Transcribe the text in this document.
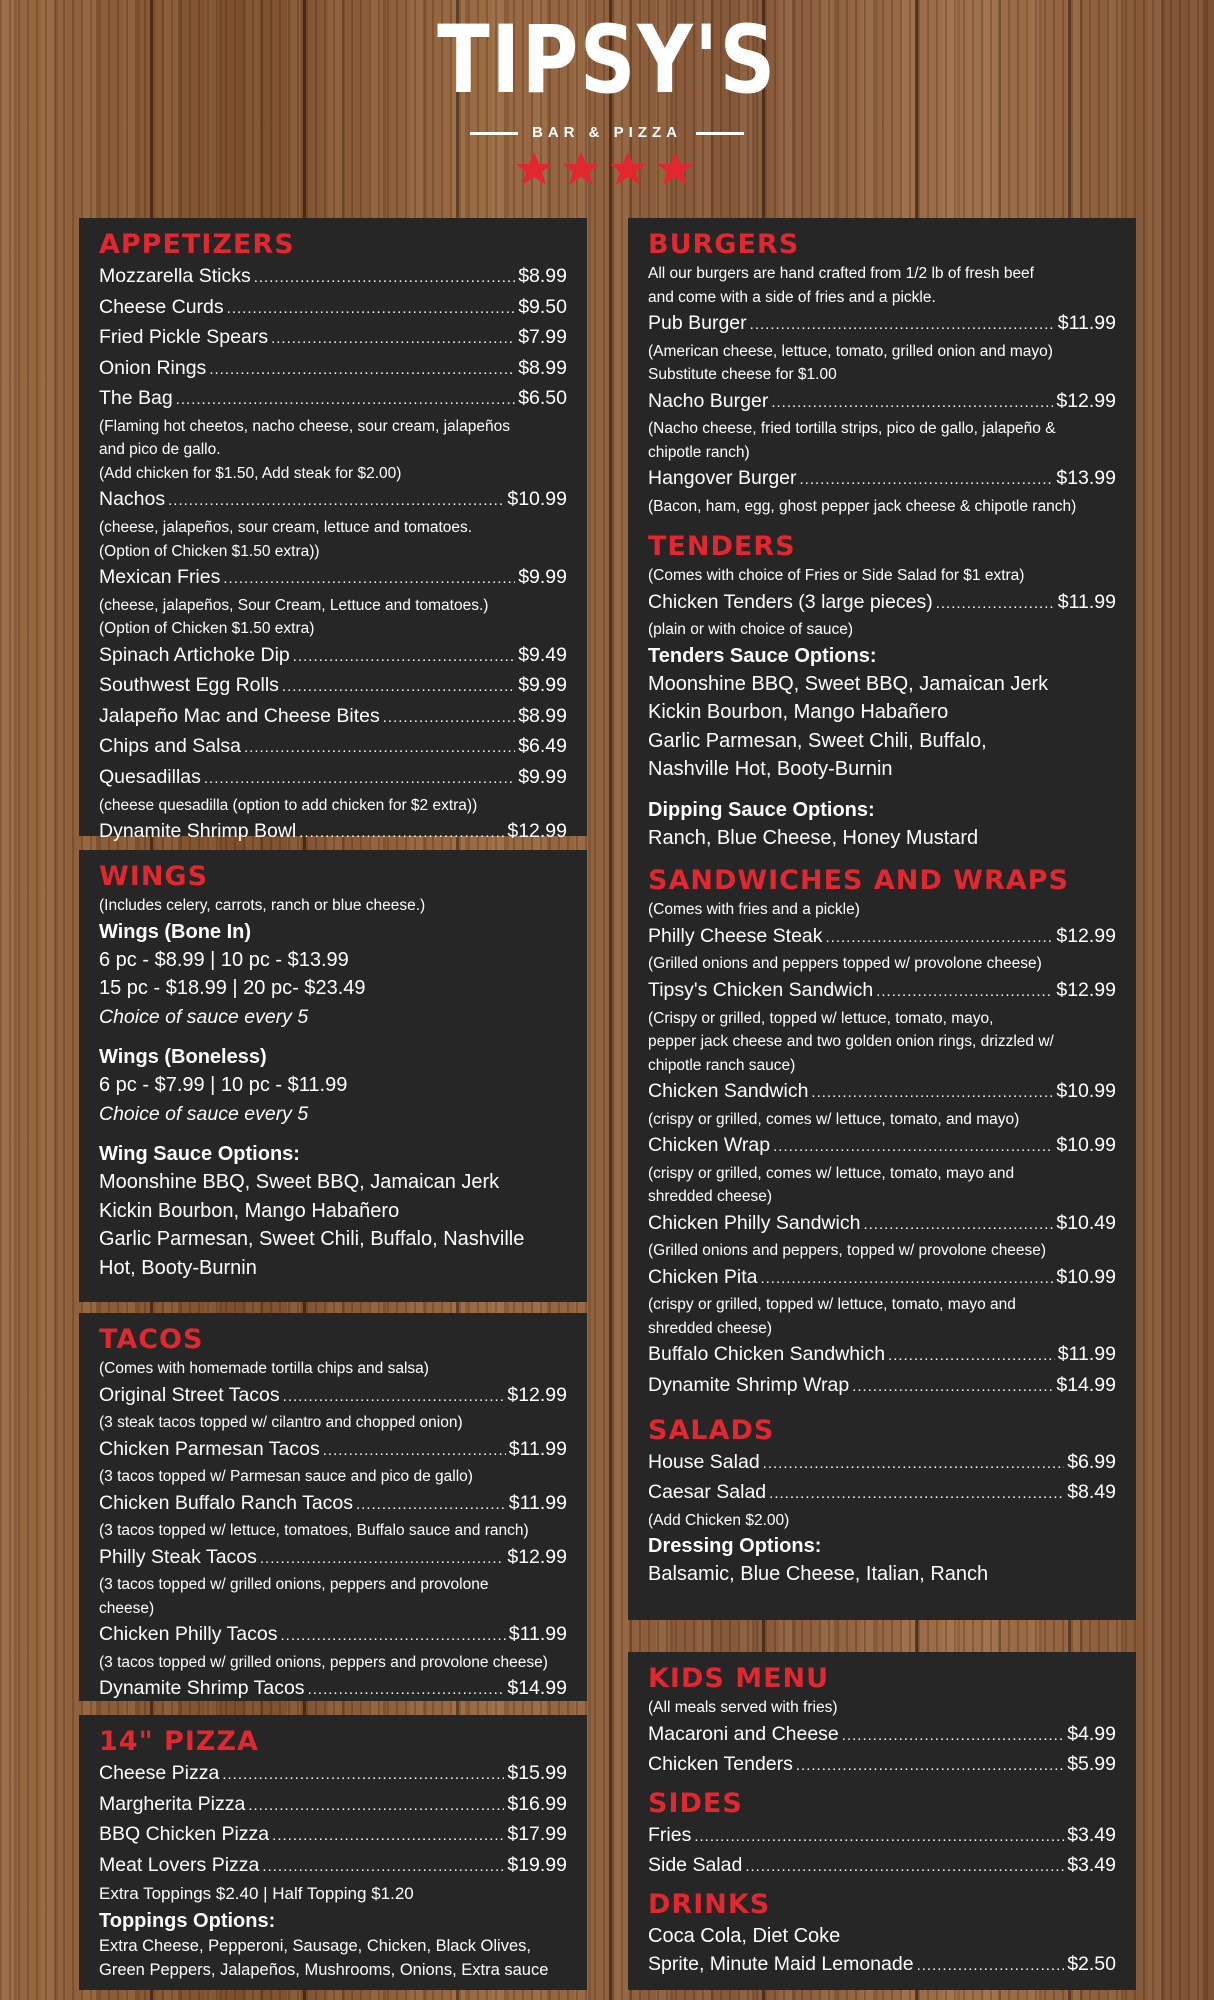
TIPSY'S
BAR & PIZZA
APPETIZERS
Mozzarella Sticks .....	$8.99
Cheese Curds .....	$9.50
Fried Pickle Spears .....	$7.99
Onion Rings .....	$8.99
The Bag .....	$6.50
(Flaming hot cheetos, nacho cheese, sour cream, jalapeños
and pico de gallo.
(Add chicken for $1.50, Add steak for $2.00)
Nachos .....	$10.99
(cheese, jalapeños, sour cream, lettuce and tomatoes.
(Option of Chicken $1.50 extra))
Mexican Fries .....	$9.99
(cheese, jalapeños, Sour Cream, Lettuce and tomatoes.)
(Option of Chicken $1.50 extra)
Spinach Artichoke Dip .....	$9.49
Southwest Egg Rolls .....	$9.99
Jalapeño Mac and Cheese Bites .....	$8.99
Chips and Salsa .....	$6.49
Quesadillas .....	$9.99
(cheese quesadilla (option to add chicken for $2 extra))
Dynamite Shrimp Bowl .....	$12.99
WINGS
(Includes celery, carrots, ranch or blue cheese.)
Wings (Bone In)
6 pc - $8.99 | 10 pc - $13.99
15 pc - $18.99 | 20 pc- $23.49
Choice of sauce every 5
Wings (Boneless)
6 pc - $7.99 | 10 pc - $11.99
Choice of sauce every 5
Wing Sauce Options:
Moonshine BBQ, Sweet BBQ, Jamaican Jerk
Kickin Bourbon, Mango Habañero
Garlic Parmesan, Sweet Chili, Buffalo, Nashville
Hot, Booty-Burnin
TACOS
(Comes with homemade tortilla chips and salsa)
Original Street Tacos .....	$12.99
(3 steak tacos topped w/ cilantro and chopped onion)
Chicken Parmesan Tacos .....	$11.99
(3 tacos topped w/ Parmesan sauce and pico de gallo)
Chicken Buffalo Ranch Tacos .....	$11.99
(3 tacos topped w/ lettuce, tomatoes, Buffalo sauce and ranch)
Philly Steak Tacos .....	$12.99
(3 tacos topped w/ grilled onions, peppers and provolone
cheese)
Chicken Philly Tacos .....	$11.99
(3 tacos topped w/ grilled onions, peppers and provolone cheese)
Dynamite Shrimp Tacos .....	$14.99
14" PIZZA
Cheese Pizza .....	$15.99
Margherita Pizza .....	$16.99
BBQ Chicken Pizza .....	$17.99
Meat Lovers Pizza .....	$19.99
Extra Toppings $2.40 | Half Topping $1.20
Toppings Options:
Extra Cheese, Pepperoni, Sausage, Chicken, Black Olives,
Green Peppers, Jalapeños, Mushrooms, Onions, Extra sauce
BURGERS
All our burgers are hand crafted from 1/2 lb of fresh beef
and come with a side of fries and a pickle.
Pub Burger .....	$11.99
(American cheese, lettuce, tomato, grilled onion and mayo)
Substitute cheese for $1.00
Nacho Burger .....	$12.99
(Nacho cheese, fried tortilla strips, pico de gallo, jalapeño &
chipotle ranch)
Hangover Burger .....	$13.99
(Bacon, ham, egg, ghost pepper jack cheese & chipotle ranch)
TENDERS
(Comes with choice of Fries or Side Salad for $1 extra)
Chicken Tenders (3 large pieces) .....	$11.99
(plain or with choice of sauce)
Tenders Sauce Options:
Moonshine BBQ, Sweet BBQ, Jamaican Jerk
Kickin Bourbon, Mango Habañero
Garlic Parmesan, Sweet Chili, Buffalo,
Nashville Hot, Booty-Burnin
Dipping Sauce Options:
Ranch, Blue Cheese, Honey Mustard
SANDWICHES AND WRAPS
(Comes with fries and a pickle)
Philly Cheese Steak .....	$12.99
(Grilled onions and peppers topped w/ provolone cheese)
Tipsy's Chicken Sandwich .....	$12.99
(Crispy or grilled, topped w/ lettuce, tomato, mayo,
pepper jack cheese and two golden onion rings, drizzled w/
chipotle ranch sauce)
Chicken Sandwich .....	$10.99
(crispy or grilled, comes w/ lettuce, tomato, and mayo)
Chicken Wrap .....	$10.99
(crispy or grilled, comes w/ lettuce, tomato, mayo and
shredded cheese)
Chicken Philly Sandwich .....	$10.49
(Grilled onions and peppers, topped w/ provolone cheese)
Chicken Pita .....	$10.99
(crispy or grilled, topped w/ lettuce, tomato, mayo and
shredded cheese)
Buffalo Chicken Sandwhich .....	$11.99
Dynamite Shrimp Wrap .....	$14.99
SALADS
House Salad .....	$6.99
Caesar Salad .....	$8.49
(Add Chicken $2.00)
Dressing Options:
Balsamic, Blue Cheese, Italian, Ranch
KIDS MENU
(All meals served with fries)
Macaroni and Cheese .....	$4.99
Chicken Tenders .....	$5.99
SIDES
Fries .....	$3.49
Side Salad .....	$3.49
DRINKS
Coca Cola, Diet Coke
Sprite, Minute Maid Lemonade .....	$2.50
